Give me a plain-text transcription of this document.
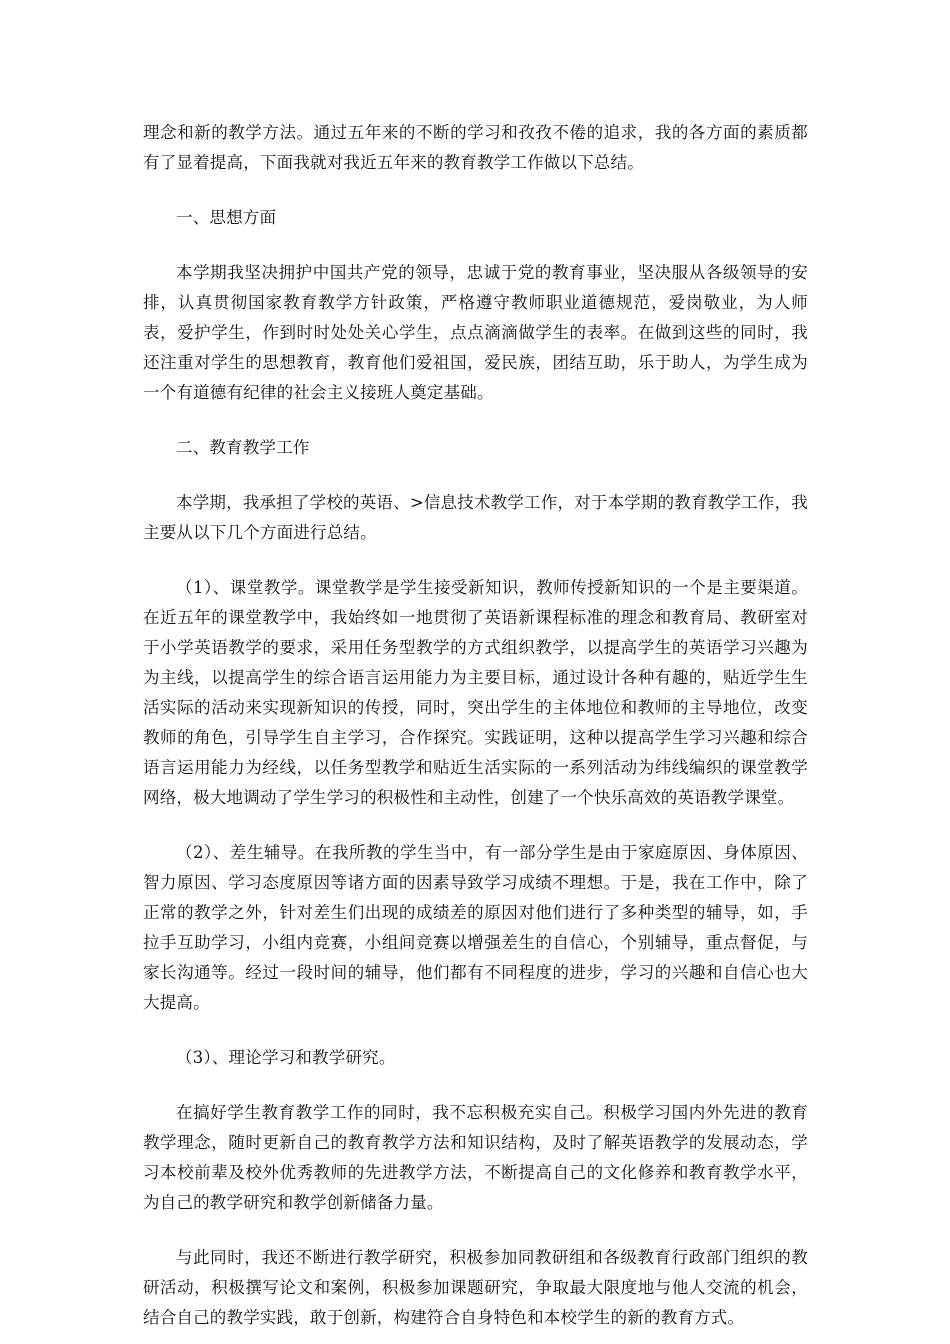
理念和新的教学方法。通过五年来的不断的学习和孜孜不倦的追求，我的各方面的素质都有了显着提高，下面我就对我近五年来的教育教学工作做以下总结。

一、思想方面

本学期我坚决拥护中国共产党的领导，忠诚于党的教育事业，坚决服从各级领导的安排，认真贯彻国家教育教学方针政策，严格遵守教师职业道德规范，爱岗敬业，为人师表，爱护学生，作到时时处处关心学生，点点滴滴做学生的表率。在做到这些的同时，我还注重对学生的思想教育，教育他们爱祖国，爱民族，团结互助，乐于助人，为学生成为一个有道德有纪律的社会主义接班人奠定基础。

二、教育教学工作

本学期，我承担了学校的英语、>信息技术教学工作，对于本学期的教育教学工作，我主要从以下几个方面进行总结。

（1）、课堂教学。课堂教学是学生接受新知识，教师传授新知识的一个是主要渠道。在近五年的课堂教学中，我始终如一地贯彻了英语新课程标准的理念和教育局、教研室对于小学英语教学的要求，采用任务型教学的方式组织教学，以提高学生的英语学习兴趣为为主线，以提高学生的综合语言运用能力为主要目标，通过设计各种有趣的，贴近学生生活实际的活动来实现新知识的传授，同时，突出学生的主体地位和教师的主导地位，改变教师的角色，引导学生自主学习，合作探究。实践证明，这种以提高学生学习兴趣和综合语言运用能力为经线，以任务型教学和贴近生活实际的一系列活动为纬线编织的课堂教学网络，极大地调动了学生学习的积极性和主动性，创建了一个快乐高效的英语教学课堂。

（2）、差生辅导。在我所教的学生当中，有一部分学生是由于家庭原因、身体原因、智力原因、学习态度原因等诸方面的因素导致学习成绩不理想。于是，我在工作中，除了正常的教学之外，针对差生们出现的成绩差的原因对他们进行了多种类型的辅导，如，手拉手互助学习，小组内竞赛，小组间竞赛以增强差生的自信心，个别辅导，重点督促，与家长沟通等。经过一段时间的辅导，他们都有不同程度的进步，学习的兴趣和自信心也大大提高。

（3）、理论学习和教学研究。

在搞好学生教育教学工作的同时，我不忘积极充实自己。积极学习国内外先进的教育教学理念，随时更新自己的教育教学方法和知识结构，及时了解英语教学的发展动态，学习本校前辈及校外优秀教师的先进教学方法，不断提高自己的文化修养和教育教学水平，为自己的教学研究和教学创新储备力量。

与此同时，我还不断进行教学研究，积极参加同教研组和各级教育行政部门组织的教研活动，积极撰写论文和案例，积极参加课题研究，争取最大限度地与他人交流的机会，结合自己的教学实践，敢于创新，构建符合自身特色和本校学生的新的教育方式。
